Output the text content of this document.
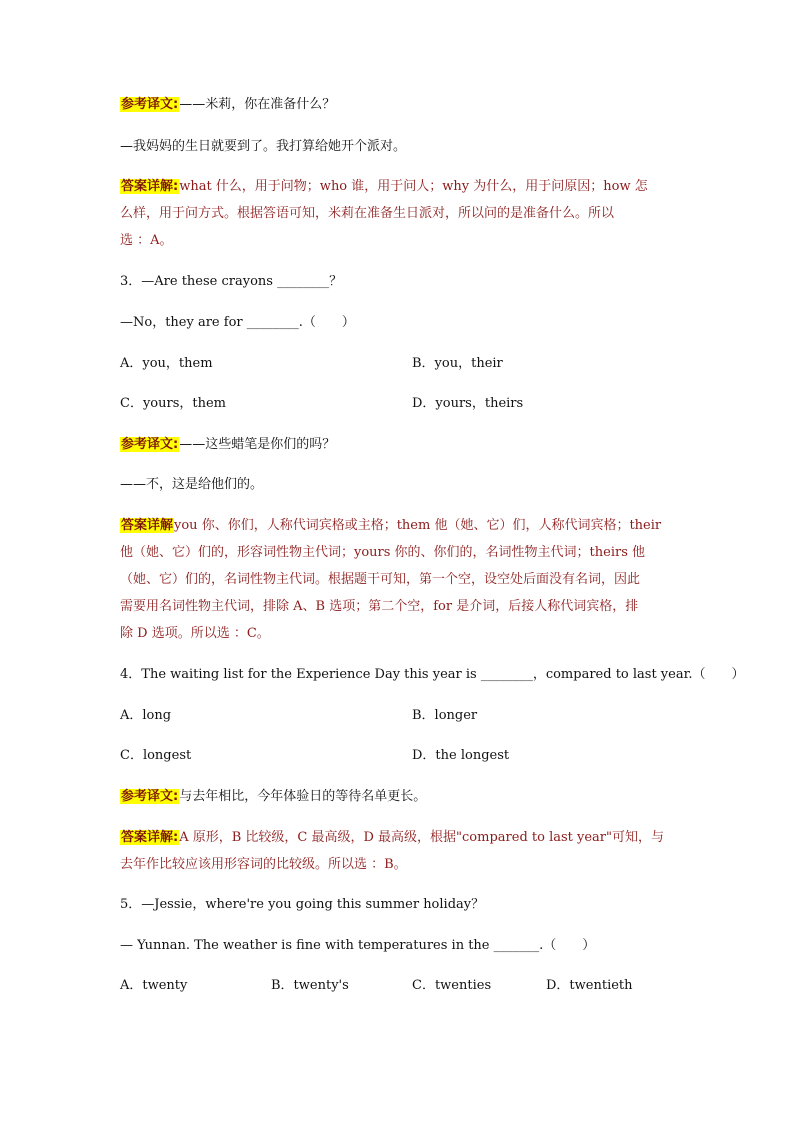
参考译文:——米莉，你在准备什么？
—我妈妈的生日就要到了。我打算给她开个派对。
答案详解:what 什么，用于问物；who 谁，用于问人；why 为什么，用于问原因；how 怎
么样，用于问方式。根据答语可知，米莉在准备生日派对，所以问的是准备什么。所以
选 ：A。
3．—Are these crayons ________？
—No，they are for ________.（　　）
A．you，them	B．you，their
C．yours，them	D．yours，theirs
参考译文:——这些蜡笔是你们的吗？
——不，这是给他们的。
答案详解you 你、你们，人称代词宾格或主格；them 他（她、它）们，人称代词宾格；their
他（她、它）们的，形容词性物主代词；yours 你的、你们的，名词性物主代词；theirs 他
（她、它）们的，名词性物主代词。根据题干可知，第一个空，设空处后面没有名词，因此
需要用名词性物主代词，排除 A、B 选项；第二个空，for 是介词，后接人称代词宾格，排
除 D 选项。所以选 ：C。
4．The waiting list for the Experience Day this year is ________，compared to last year.（　　）
A．long	B．longer
C．longest	D．the longest
参考译文:与去年相比，今年体验日的等待名单更长。
答案详解:A 原形，B 比较级，C 最高级，D 最高级，根据"compared to last year"可知，与
去年作比较应该用形容词的比较级。所以选 ：B。
5．—Jessie，where're you going this summer holiday？
— Yunnan. The weather is fine with temperatures in the _______.（　　）
A．twenty	B．twenty's	C．twenties	D．twentieth
